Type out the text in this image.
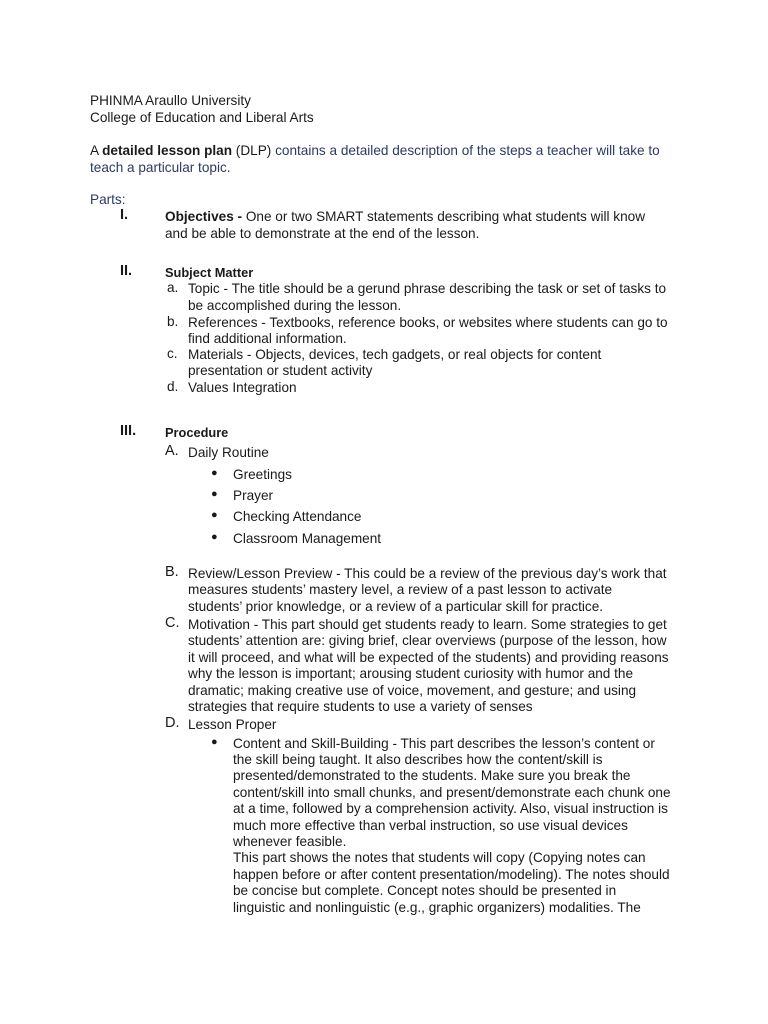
PHINMA Araullo University
College of Education and Liberal Arts
A detailed lesson plan (DLP) contains a detailed description of the steps a teacher will take to
teach a particular topic.
Parts:
I.	Objectives - One or two SMART statements describing what students will know
and be able to demonstrate at the end of the lesson.
II.	Subject Matter
a. Topic - The title should be a gerund phrase describing the task or set of tasks to
be accomplished during the lesson.
b. References - Textbooks, reference books, or websites where students can go to
find additional information.
c. Materials - Objects, devices, tech gadgets, or real objects for content
presentation or student activity
d. Values Integration
III. Procedure
A. Daily Routine
● Greetings
● Prayer
● Checking Attendance
● Classroom Management
B. Review/Lesson Preview - This could be a review of the previous day’s work that
measures students’ mastery level, a review of a past lesson to activate
students’ prior knowledge, or a review of a particular skill for practice.
C. Motivation - This part should get students ready to learn. Some strategies to get
students’ attention are: giving brief, clear overviews (purpose of the lesson, how
it will proceed, and what will be expected of the students) and providing reasons
why the lesson is important; arousing student curiosity with humor and the
dramatic; making creative use of voice, movement, and gesture; and using
strategies that require students to use a variety of senses
D. Lesson Proper
● Content and Skill-Building - This part describes the lesson’s content or
the skill being taught. It also describes how the content/skill is
presented/demonstrated to the students. Make sure you break the
content/skill into small chunks, and present/demonstrate each chunk one
at a time, followed by a comprehension activity. Also, visual instruction is
much more effective than verbal instruction, so use visual devices
whenever feasible.
This part shows the notes that students will copy (Copying notes can
happen before or after content presentation/modeling). The notes should
be concise but complete. Concept notes should be presented in
linguistic and nonlinguistic (e.g., graphic organizers) modalities. The
